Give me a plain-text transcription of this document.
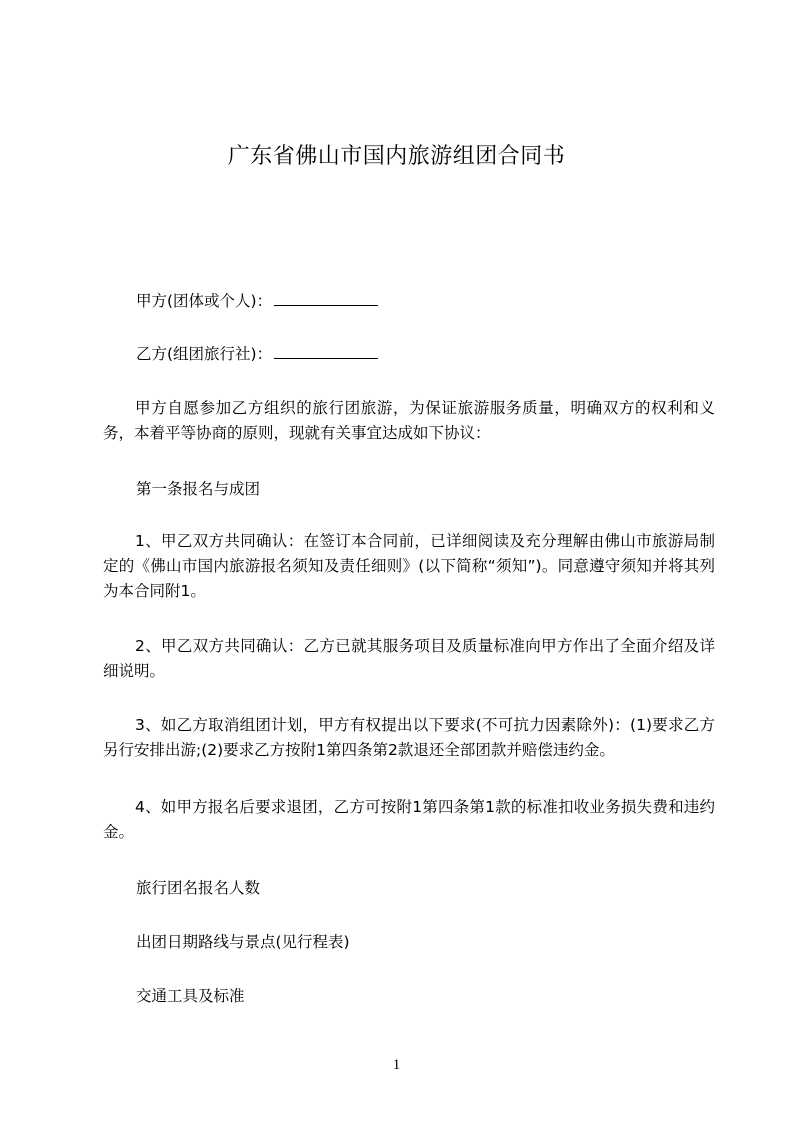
广东省佛山市国内旅游组团合同书
甲方(团体或个人)：
乙方(组团旅行社)：
甲方自愿参加乙方组织的旅行团旅游，为保证旅游服务质量，明确双方的权利和义务，本着平等协商的原则，现就有关事宜达成如下协议：
第一条报名与成团
1、甲乙双方共同确认：在签订本合同前，已详细阅读及充分理解由佛山市旅游局制定的《佛山市国内旅游报名须知及责任细则》(以下简称“须知”)。同意遵守须知并将其列为本合同附1。
2、甲乙双方共同确认：乙方已就其服务项目及质量标准向甲方作出了全面介绍及详细说明。
3、如乙方取消组团计划，甲方有权提出以下要求(不可抗力因素除外)：(1)要求乙方另行安排出游;(2)要求乙方按附1第四条第2款退还全部团款并赔偿违约金。
4、如甲方报名后要求退团，乙方可按附1第四条第1款的标准扣收业务损失费和违约金。
旅行团名报名人数
出团日期路线与景点(见行程表)
交通工具及标准
1
